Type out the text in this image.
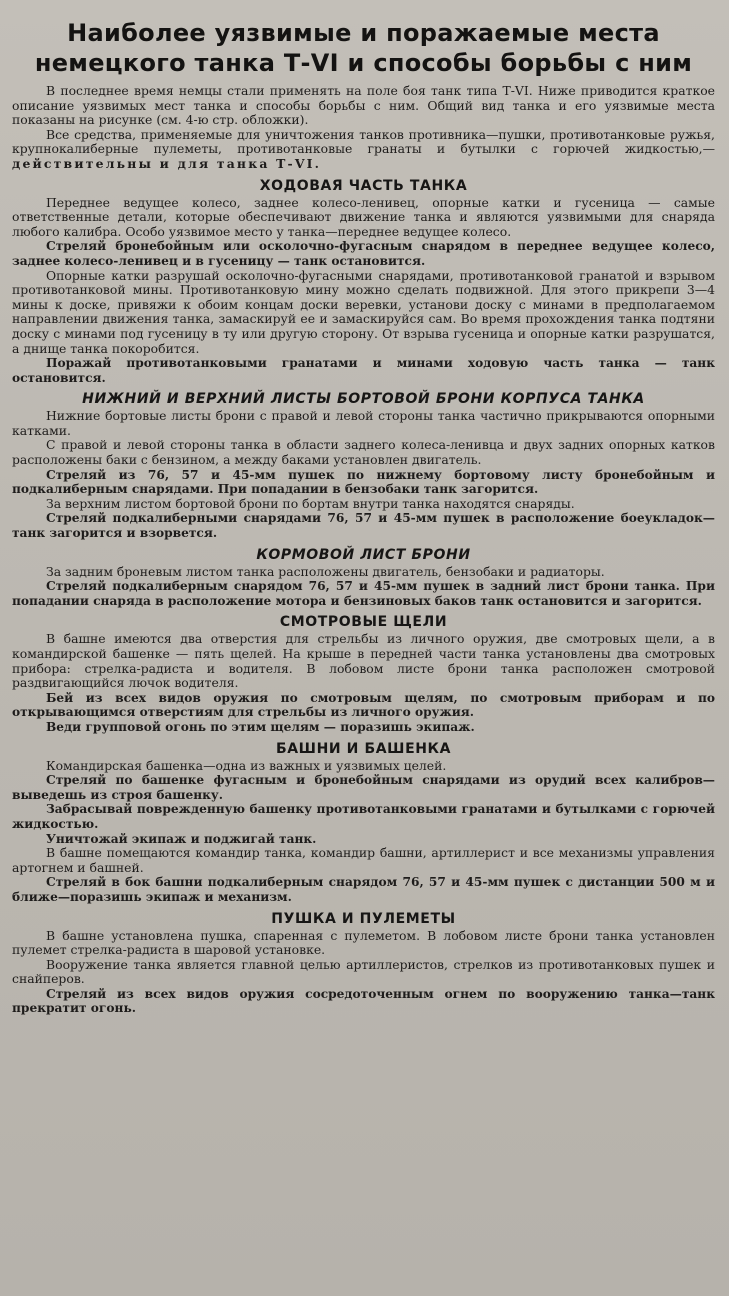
Наиболее уязвимые и поражаемые места
немецкого танка Т-VI и способы борьбы с ним

В последнее время немцы стали применять на поле боя танк типа Т-VI. Ниже приводится краткое описание уязвимых мест танка и способы борьбы с ним. Общий вид танка и его уязвимые места показаны на рисунке (см. 4-ю стр. обложки).

Все средства, применяемые для уничтожения танков противника—пушки, противотанковые ружья, крупнокалиберные пулеметы, противотанковые гранаты и бутылки с горючей жидкостью,—действительны и для танка Т-VI.

ХОДОВАЯ ЧАСТЬ ТАНКА

Переднее ведущее колесо, заднее колесо-ленивец, опорные катки и гусеница — самые ответственные детали, которые обеспечивают движение танка и являются уязвимыми для снаряда любого калибра. Особо уязвимое место у танка—переднее ведущее колесо.

Стреляй бронебойным или осколочно-фугасным снарядом в переднее ведущее колесо, заднее колесо-ленивец и в гусеницу — танк остановится.

Опорные катки разрушай осколочно-фугасными снарядами, противотанковой гранатой и взрывом противотанковой мины. Противотанковую мину можно сделать подвижной. Для этого прикрепи 3—4 мины к доске, привяжи к обоим концам доски веревки, установи доску с минами в предполагаемом направлении движения танка, замаскируй ее и замаскируйся сам. Во время прохождения танка подтяни доску с минами под гусеницу в ту или другую сторону. От взрыва гусеница и опорные катки разрушатся, а днище танка покоробится.

Поражай противотанковыми гранатами и минами ходовую часть танка — танк остановится.

НИЖНИЙ И ВЕРХНИЙ ЛИСТЫ БОРТОВОЙ БРОНИ КОРПУСА ТАНКА

Нижние бортовые листы брони с правой и левой стороны танка частично прикрываются опорными катками.

С правой и левой стороны танка в области заднего колеса-ленивца и двух задних опорных катков расположены баки с бензином, а между баками установлен двигатель.

Стреляй из 76, 57 и 45-мм пушек по нижнему бортовому листу бронебойным и подкалиберным снарядами. При попадании в бензобаки танк загорится.

За верхним листом бортовой брони по бортам внутри танка находятся снаряды.

Стреляй подкалиберными снарядами 76, 57 и 45-мм пушек в расположение боеукладок—танк загорится и взорвется.

КОРМОВОЙ ЛИСТ БРОНИ

За задним броневым листом танка расположены двигатель, бензобаки и радиаторы.

Стреляй подкалиберным снарядом 76, 57 и 45-мм пушек в задний лист брони танка. При попадании снаряда в расположение мотора и бензиновых баков танк остановится и загорится.

СМОТРОВЫЕ ЩЕЛИ

В башне имеются два отверстия для стрельбы из личного оружия, две смотровых щели, а в командирской башенке — пять щелей. На крыше в передней части танка установлены два смотровых прибора: стрелка-радиста и водителя. В лобовом листе брони танка расположен смотровой раздвигающийся лючок водителя.

Бей из всех видов оружия по смотровым щелям, по смотровым приборам и по открывающимся отверстиям для стрельбы из личного оружия.

Веди групповой огонь по этим щелям — поразишь экипаж.

БАШНИ И БАШЕНКА

Командирская башенка—одна из важных и уязвимых целей.

Стреляй по башенке фугасным и бронебойным снарядами из орудий всех калибров—выведешь из строя башенку.

Забрасывай поврежденную башенку противотанковыми гранатами и бутылками с горючей жидкостью.

Уничтожай экипаж и поджигай танк.

В башне помещаются командир танка, командир башни, артиллерист и все механизмы управления артогнем и башней.

Стреляй в бок башни подкалиберным снарядом 76, 57 и 45-мм пушек с дистанции 500 м и ближе—поразишь экипаж и механизм.

ПУШКА И ПУЛЕМЕТЫ

В башне установлена пушка, спаренная с пулеметом. В лобовом листе брони танка установлен пулемет стрелка-радиста в шаровой установке.

Вооружение танка является главной целью артиллеристов, стрелков из противотанковых пушек и снайперов.

Стреляй из всех видов оружия сосредоточенным огнем по вооружению танка—танк прекратит огонь.
